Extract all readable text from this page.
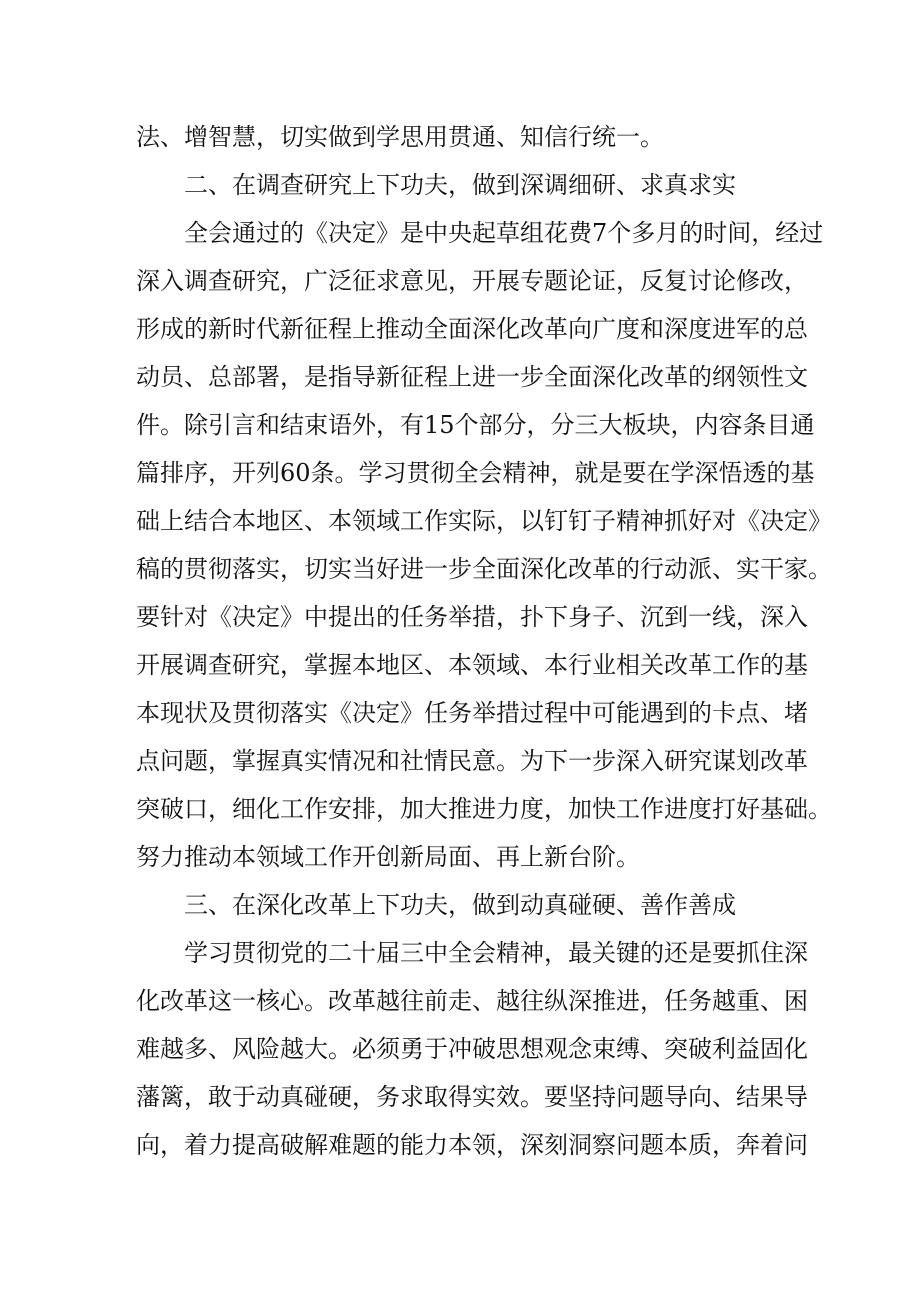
法、增智慧，切实做到学思用贯通、知信行统一。
二、在调查研究上下功夫，做到深调细研、求真求实
全会通过的《决定》是中央起草组花费7个多月的时间，经过
深入调查研究，广泛征求意见，开展专题论证，反复讨论修改，
形成的新时代新征程上推动全面深化改革向广度和深度进军的总
动员、总部署，是指导新征程上进一步全面深化改革的纲领性文
件。除引言和结束语外，有15个部分，分三大板块，内容条目通
篇排序，开列60条。学习贯彻全会精神，就是要在学深悟透的基
础上结合本地区、本领域工作实际，以钉钉子精神抓好对《决定》
稿的贯彻落实，切实当好进一步全面深化改革的行动派、实干家。
要针对《决定》中提出的任务举措，扑下身子、沉到一线，深入
开展调查研究，掌握本地区、本领域、本行业相关改革工作的基
本现状及贯彻落实《决定》任务举措过程中可能遇到的卡点、堵
点问题，掌握真实情况和社情民意。为下一步深入研究谋划改革
突破口，细化工作安排，加大推进力度，加快工作进度打好基础。
努力推动本领域工作开创新局面、再上新台阶。
三、在深化改革上下功夫，做到动真碰硬、善作善成
学习贯彻党的二十届三中全会精神，最关键的还是要抓住深
化改革这一核心。改革越往前走、越往纵深推进，任务越重、困
难越多、风险越大。必须勇于冲破思想观念束缚、突破利益固化
藩篱，敢于动真碰硬，务求取得实效。要坚持问题导向、结果导
向，着力提高破解难题的能力本领，深刻洞察问题本质，奔着问
